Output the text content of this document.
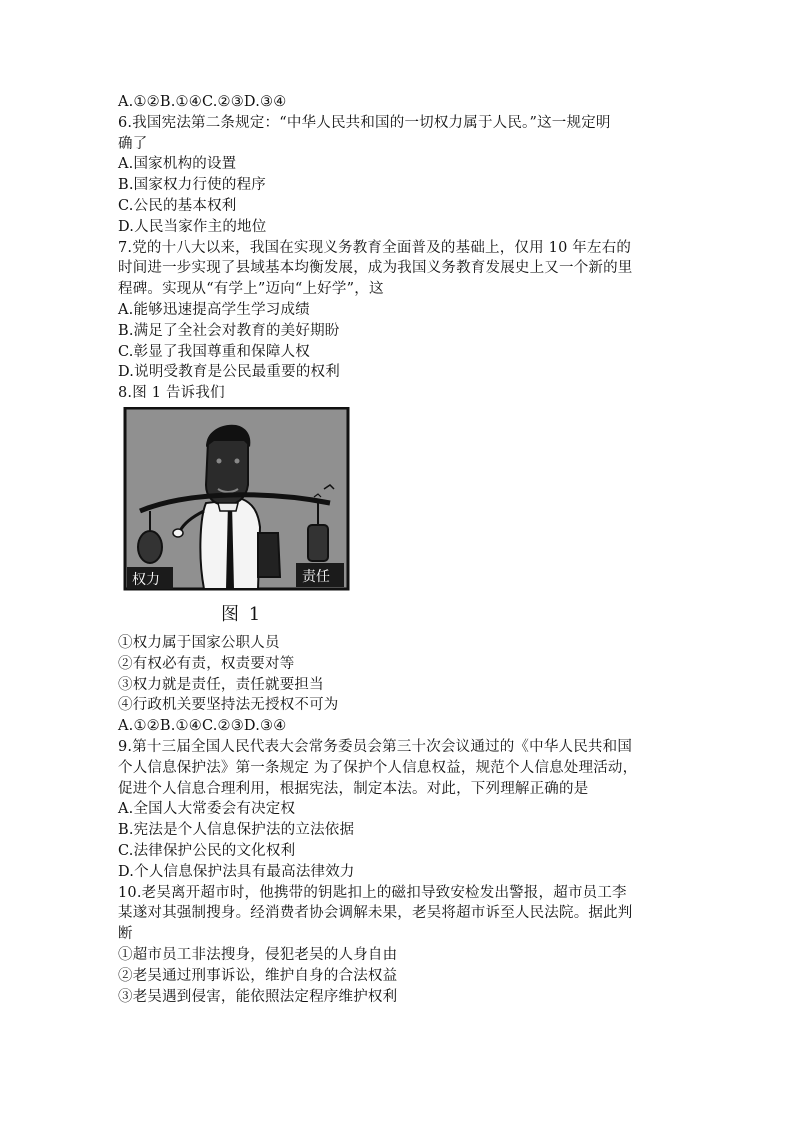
A.①②B.①④C.②③D.③④
6.我国宪法第二条规定：“中华人民共和国的一切权力属于人民。”这一规定明
确了
A.国家机构的设置
B.国家权力行使的程序
C.公民的基本权利
D.人民当家作主的地位
7.党的十八大以来，我国在实现义务教育全面普及的基础上，仅用 10 年左右的
时间进一步实现了县域基本均衡发展，成为我国义务教育发展史上又一个新的里
程碑。实现从“有学上”迈向“上好学”，这
A.能够迅速提高学生学习成绩
B.满足了全社会对教育的美好期盼
C.彰显了我国尊重和保障人权
D.说明受教育是公民最重要的权利
8.图 1 告诉我们
权力	责任
图 1
①权力属于国家公职人员
②有权必有责，权责要对等
③权力就是责任，责任就要担当
④行政机关要坚持法无授权不可为
A.①②B.①④C.②③D.③④
9.第十三届全国人民代表大会常务委员会第三十次会议通过的《中华人民共和国
个人信息保护法》第一条规定 为了保护个人信息权益，规范个人信息处理活动，
促进个人信息合理利用，根据宪法，制定本法。对此，下列理解正确的是
A.全国人大常委会有决定权
B.宪法是个人信息保护法的立法依据
C.法律保护公民的文化权利
D.个人信息保护法具有最高法律效力
10.老吴离开超市时，他携带的钥匙扣上的磁扣导致安检发出警报，超市员工李
某遂对其强制搜身。经消费者协会调解未果，老吴将超市诉至人民法院。据此判
断
①超市员工非法搜身，侵犯老吴的人身自由
②老吴通过刑事诉讼，维护自身的合法权益
③老吴遇到侵害，能依照法定程序维护权利
